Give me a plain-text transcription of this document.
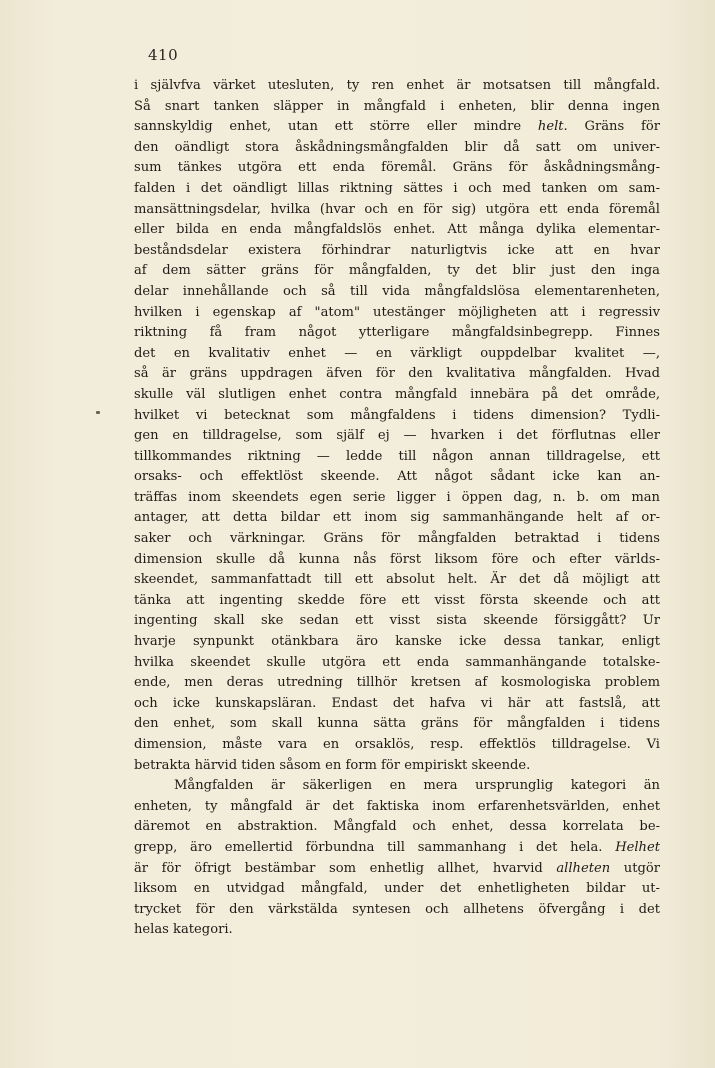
410

i självfva värket utesluten, ty ren enhet är motsatsen till mångfald.
Så snart tanken släpper in mångfald i enheten, blir denna ingen
sannskyldig enhet, utan ett större eller mindre helt. Gräns för
den oändligt stora åskådningsmångfalden blir då satt om univer-
sum tänkes utgöra ett enda föremål. Gräns för åskådningsmång-
falden i det oändligt lillas riktning sättes i och med tanken om sam-
mansättningsdelar, hvilka (hvar och en för sig) utgöra ett enda föremål
eller bilda en enda mångfaldslös enhet. Att många dylika elementar-
beståndsdelar existera förhindrar naturligtvis icke att en hvar
af dem sätter gräns för mångfalden, ty det blir just den inga
delar innehållande och så till vida mångfaldslösa elementarenheten,
hvilken i egenskap af "atom" utestänger möjligheten att i regressiv
riktning få fram något ytterligare mångfaldsinbegrepp. Finnes
det en kvalitativ enhet — en värkligt ouppdelbar kvalitet —,
så är gräns uppdragen äfven för den kvalitativa mångfalden. Hvad
skulle väl slutligen enhet contra mångfald innebära på det område,
hvilket vi betecknat som mångfaldens i tidens dimension? Tydli-
gen en tilldragelse, som själf ej — hvarken i det förflutnas eller
tillkommandes riktning — ledde till någon annan tilldragelse, ett
orsaks- och effektlöst skeende. Att något sådant icke kan an-
träffas inom skeendets egen serie ligger i öppen dag, n. b. om man
antager, att detta bildar ett inom sig sammanhängande helt af or-
saker och värkningar. Gräns för mångfalden betraktad i tidens
dimension skulle då kunna nås först liksom före och efter världs-
skeendet, sammanfattadt till ett absolut helt. Är det då möjligt att
tänka att ingenting skedde före ett visst första skeende och att
ingenting skall ske sedan ett visst sista skeende försiggått? Ur
hvarje synpunkt otänkbara äro kanske icke dessa tankar, enligt
hvilka skeendet skulle utgöra ett enda sammanhängande totalske-
ende, men deras utredning tillhör kretsen af kosmologiska problem
och icke kunskapsläran. Endast det hafva vi här att fastslå, att
den enhet, som skall kunna sätta gräns för mångfalden i tidens
dimension, måste vara en orsaklös, resp. effektlös tilldragelse. Vi
betrakta härvid tiden såsom en form för empiriskt skeende.

Mångfalden är säkerligen en mera ursprunglig kategori än
enheten, ty mångfald är det faktiska inom erfarenhetsvärlden, enhet
däremot en abstraktion. Mångfald och enhet, dessa korrelata be-
grepp, äro emellertid förbundna till sammanhang i det hela. Helhet
är för öfrigt bestämbar som enhetlig allhet, hvarvid allheten utgör
liksom en utvidgad mångfald, under det enhetligheten bildar ut-
trycket för den värkstälda syntesen och allhetens öfvergång i det
helas kategori.
